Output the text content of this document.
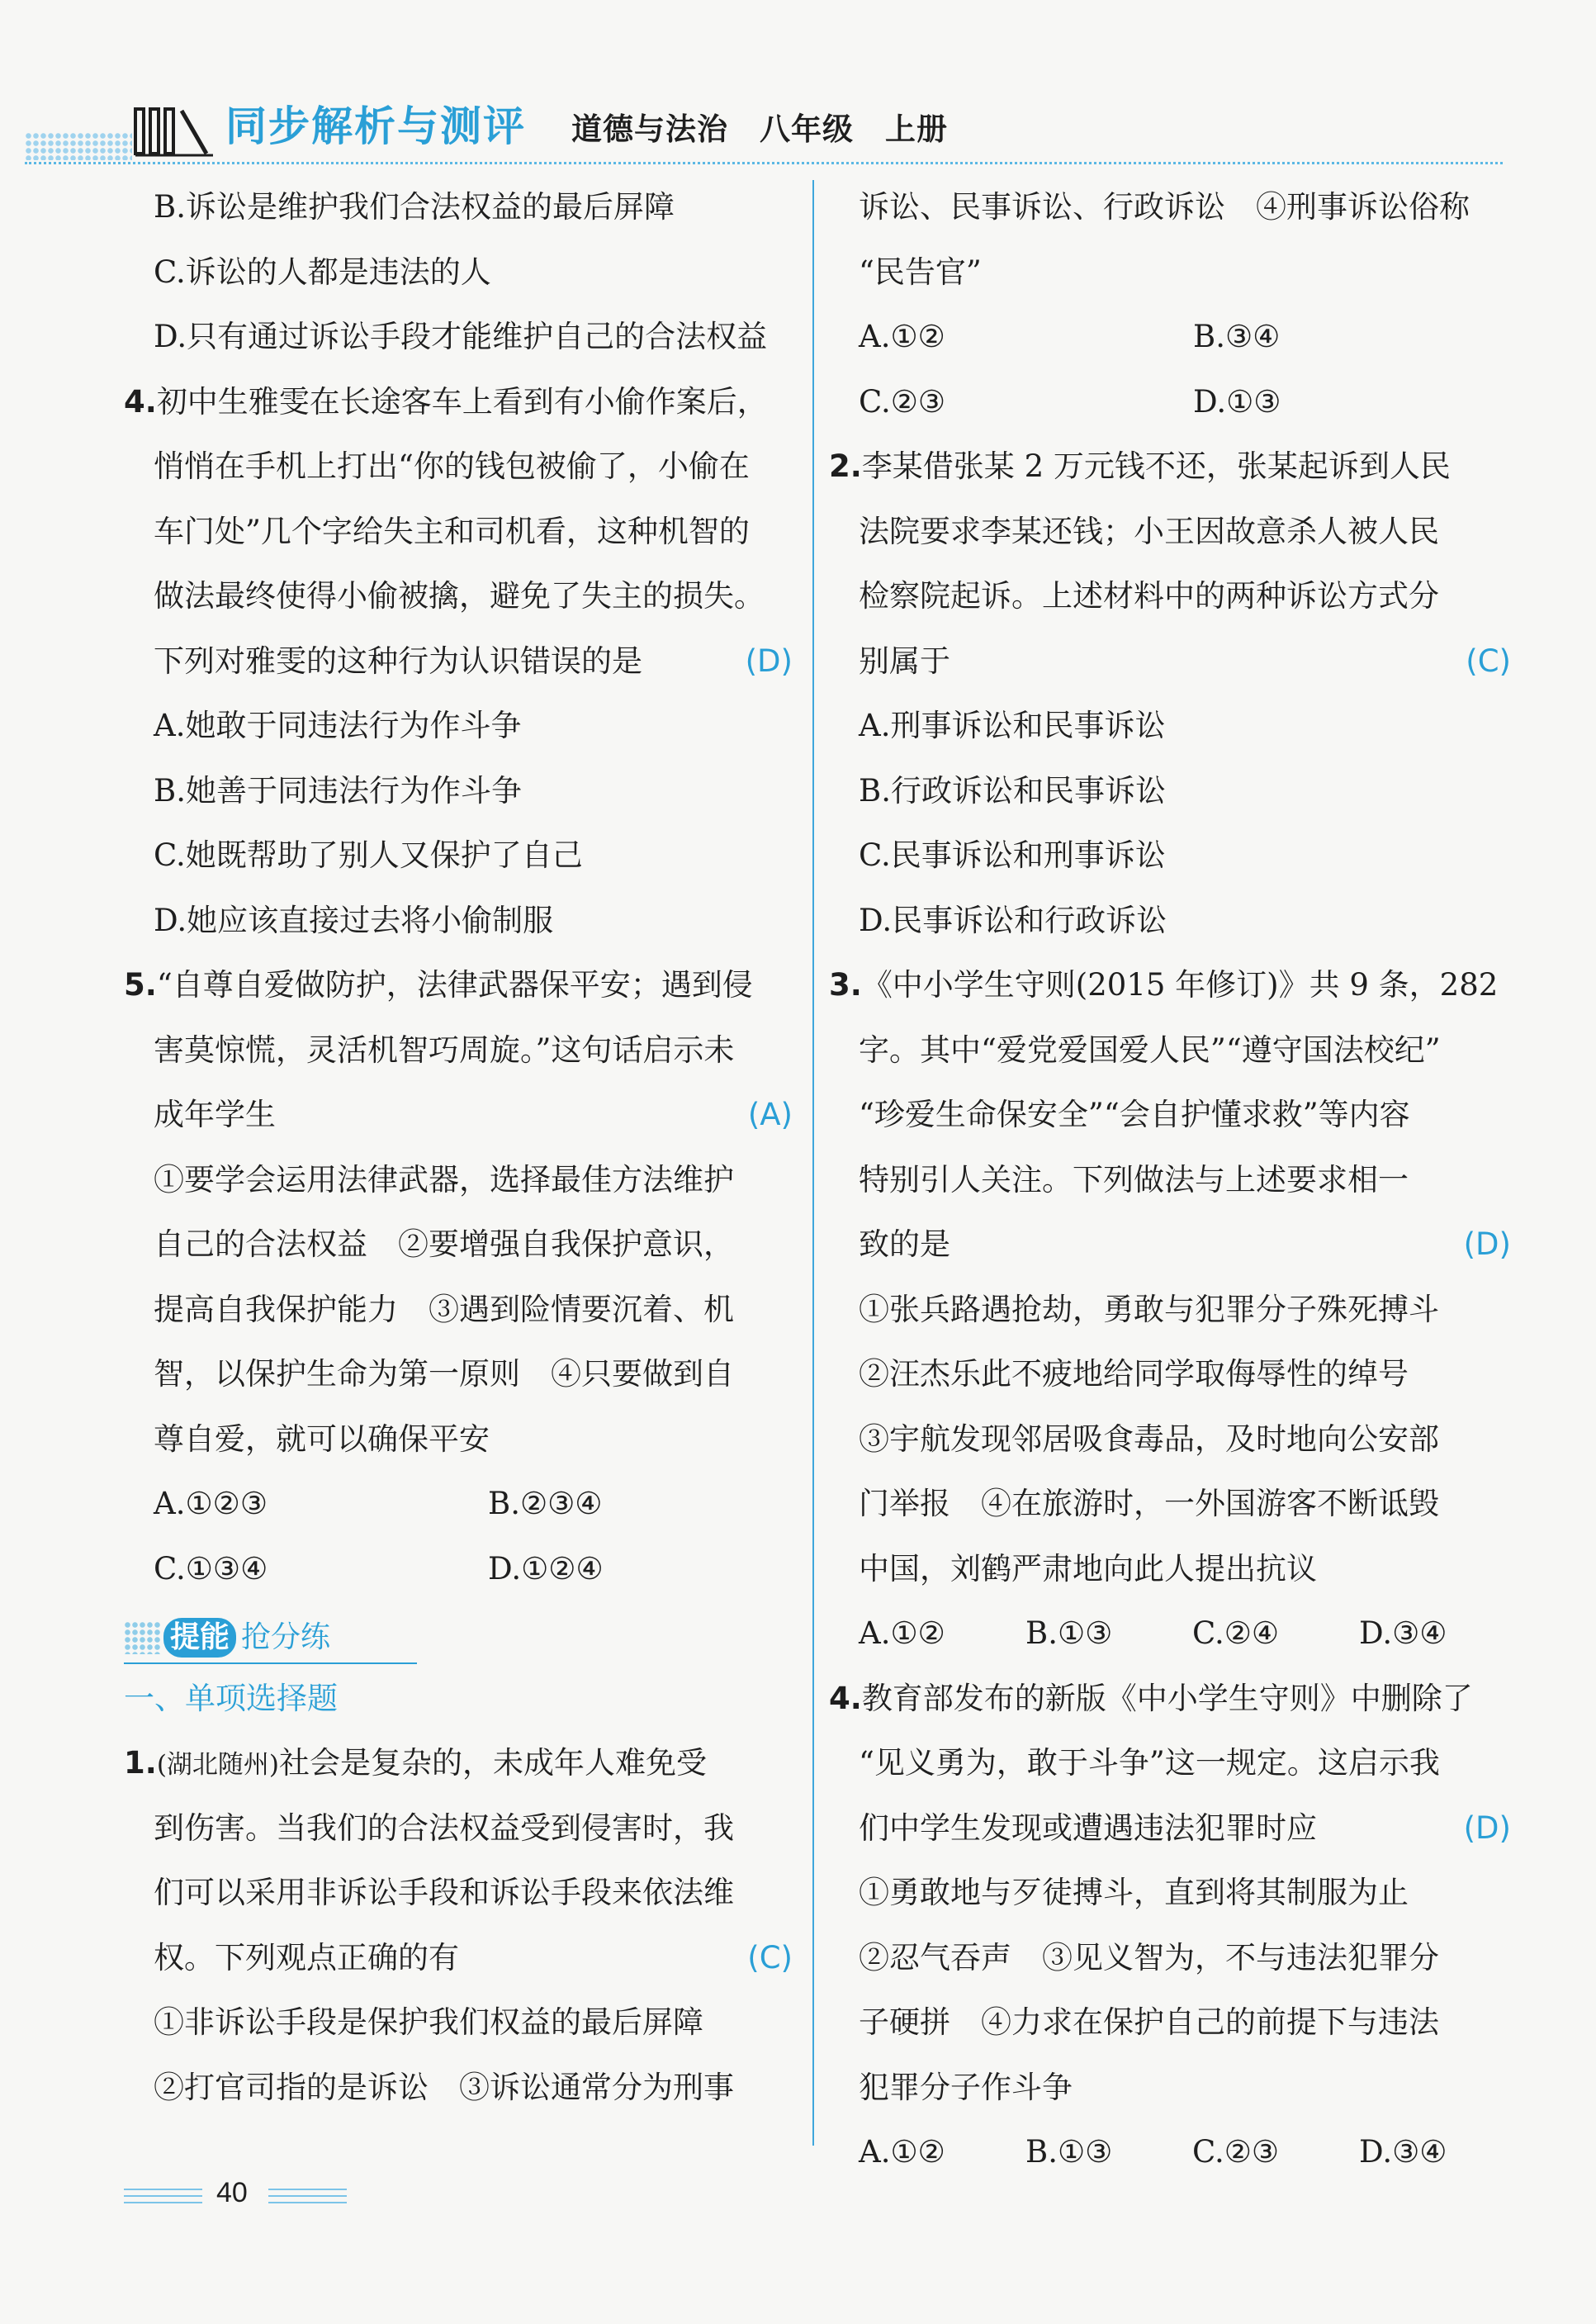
同步解析与测评 道德与法治　八年级　上册
B.诉讼是维护我们合法权益的最后屏障
C.诉讼的人都是违法的人
D.只有通过诉讼手段才能维护自己的合法权益
4.初中生雅雯在长途客车上看到有小偷作案后，
悄悄在手机上打出“你的钱包被偷了，小偷在
车门处”几个字给失主和司机看，这种机智的
做法最终使得小偷被擒，避免了失主的损失。
下列对雅雯的这种行为认识错误的是	(D)
A.她敢于同违法行为作斗争
B.她善于同违法行为作斗争
C.她既帮助了别人又保护了自己
D.她应该直接过去将小偷制服
5.“自尊自爱做防护，法律武器保平安；遇到侵
害莫惊慌，灵活机智巧周旋。”这句话启示未
成年学生	(A)
①要学会运用法律武器，选择最佳方法维护
自己的合法权益　②要增强自我保护意识，
提高自我保护能力　③遇到险情要沉着、机
智，以保护生命为第一原则　④只要做到自
尊自爱，就可以确保平安
A.①②③	B.②③④
C.①③④	D.①②④
提能 抢分练
一、单项选择题
1.(湖北随州)社会是复杂的，未成年人难免受
到伤害。当我们的合法权益受到侵害时，我
们可以采用非诉讼手段和诉讼手段来依法维
权。下列观点正确的有	(C)
①非诉讼手段是保护我们权益的最后屏障
②打官司指的是诉讼　③诉讼通常分为刑事
诉讼、民事诉讼、行政诉讼　④刑事诉讼俗称
“民告官”
A.①②	B.③④
C.②③	D.①③
2.李某借张某 2 万元钱不还，张某起诉到人民
法院要求李某还钱；小王因故意杀人被人民
检察院起诉。上述材料中的两种诉讼方式分
别属于	(C)
A.刑事诉讼和民事诉讼
B.行政诉讼和民事诉讼
C.民事诉讼和刑事诉讼
D.民事诉讼和行政诉讼
3.《中小学生守则(2015 年修订)》共 9 条，282
字。其中“爱党爱国爱人民”“遵守国法校纪”
“珍爱生命保安全”“会自护懂求救”等内容
特别引人关注。下列做法与上述要求相一
致的是	(D)
①张兵路遇抢劫，勇敢与犯罪分子殊死搏斗
②汪杰乐此不疲地给同学取侮辱性的绰号
③宇航发现邻居吸食毒品，及时地向公安部
门举报　④在旅游时，一外国游客不断诋毁
中国，刘鹤严肃地向此人提出抗议
A.①②	B.①③	C.②④	D.③④
4.教育部发布的新版《中小学生守则》中删除了
“见义勇为，敢于斗争”这一规定。这启示我
们中学生发现或遭遇违法犯罪时应	(D)
①勇敢地与歹徒搏斗，直到将其制服为止
②忍气吞声　③见义智为，不与违法犯罪分
子硬拼　④力求在保护自己的前提下与违法
犯罪分子作斗争
A.①②	B.①③	C.②③	D.③④
40
